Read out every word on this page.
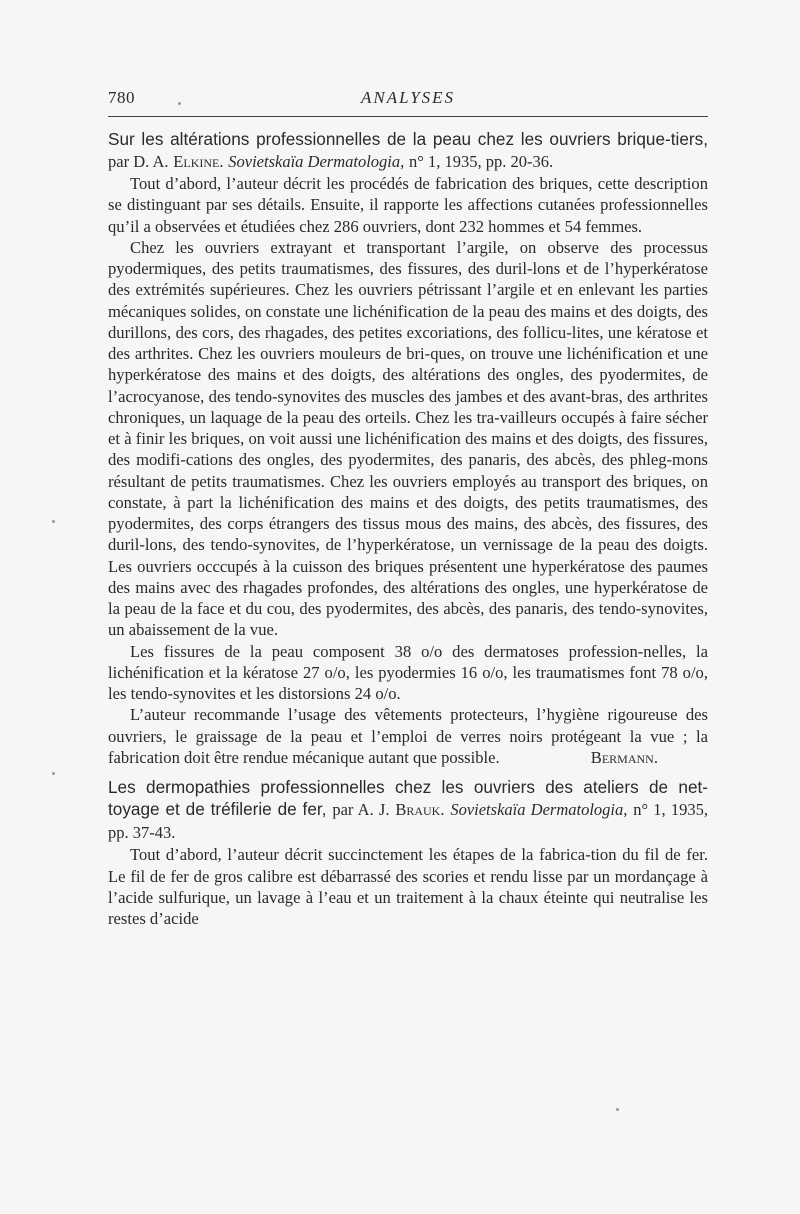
780	ANALYSES

Sur les altérations professionnelles de la peau chez les ouvriers brique-tiers, par D. A. Elkine. Sovietskaïa Dermatologia, n° 1, 1935, pp. 20-36.

Tout d’abord, l’auteur décrit les procédés de fabrication des briques, cette description se distinguant par ses détails. Ensuite, il rapporte les affections cutanées professionnelles qu’il a observées et étudiées chez 286 ouvriers, dont 232 hommes et 54 femmes.

Chez les ouvriers extrayant et transportant l’argile, on observe des processus pyodermiques, des petits traumatismes, des fissures, des duril-lons et de l’hyperkératose des extrémités supérieures. Chez les ouvriers pétrissant l’argile et en enlevant les parties mécaniques solides, on constate une lichénification de la peau des mains et des doigts, des durillons, des cors, des rhagades, des petites excoriations, des follicu-lites, une kératose et des arthrites. Chez les ouvriers mouleurs de bri-ques, on trouve une lichénification et une hyperkératose des mains et des doigts, des altérations des ongles, des pyodermites, de l’acrocyanose, des tendo-synovites des muscles des jambes et des avant-bras, des arthrites chroniques, un laquage de la peau des orteils. Chez les tra-vailleurs occupés à faire sécher et à finir les briques, on voit aussi une lichénification des mains et des doigts, des fissures, des modifi-cations des ongles, des pyodermites, des panaris, des abcès, des phleg-mons résultant de petits traumatismes. Chez les ouvriers employés au transport des briques, on constate, à part la lichénification des mains et des doigts, des petits traumatismes, des pyodermites, des corps étrangers des tissus mous des mains, des abcès, des fissures, des duril-lons, des tendo-synovites, de l’hyperkératose, un vernissage de la peau des doigts. Les ouvriers occcupés à la cuisson des briques présentent une hyperkératose des paumes des mains avec des rhagades profondes, des altérations des ongles, une hyperkératose de la peau de la face et du cou, des pyodermites, des abcès, des panaris, des tendo-synovites, un abaissement de la vue.

Les fissures de la peau composent 38 o/o des dermatoses profession-nelles, la lichénification et la kératose 27 o/o, les pyodermies 16 o/o, les traumatismes font 78 o/o, les tendo-synovites et les distorsions 24 o/o.

L’auteur recommande l’usage des vêtements protecteurs, l’hygiène rigoureuse des ouvriers, le graissage de la peau et l’emploi de verres noirs protégeant la vue ; la fabrication doit être rendue mécanique autant que possible.	Bermann.

Les dermopathies professionnelles chez les ouvriers des ateliers de net-toyage et de tréfilerie de fer, par A. J. Brauk. Sovietskaïa Dermatologia, n° 1, 1935, pp. 37-43.

Tout d’abord, l’auteur décrit succinctement les étapes de la fabrica-tion du fil de fer. Le fil de fer de gros calibre est débarrassé des scories et rendu lisse par un mordançage à l’acide sulfurique, un lavage à l’eau et un traitement à la chaux éteinte qui neutralise les restes d’acide
